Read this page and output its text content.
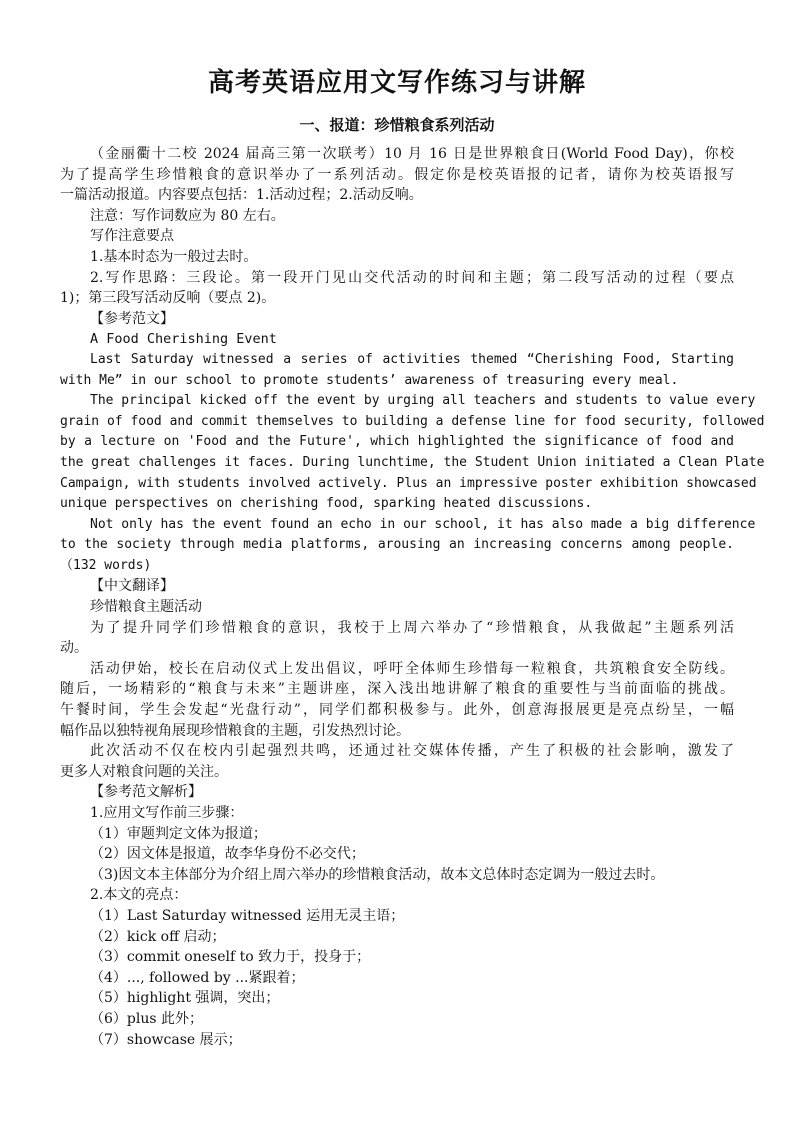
高考英语应用文写作练习与讲解
一、报道：珍惜粮食系列活动
（金丽衢十二校 2024 届高三第一次联考）10 月 16 日是世界粮食日(World Food Day)，你校
为了提高学生珍惜粮食的意识举办了一系列活动。假定你是校英语报的记者，请你为校英语报写
一篇活动报道。内容要点包括：1.活动过程；2.活动反响。
注意：写作词数应为 80 左右。
写作注意要点
1.基本时态为一般过去时。
2.写作思路：三段论。第一段开门见山交代活动的时间和主题；第二段写活动的过程（要点
1)；第三段写活动反响（要点 2)。
【参考范文】
A Food Cherishing Event
Last Saturday witnessed a series of activities themed “Cherishing Food, Starting
with Me” in our school to promote students’ awareness of treasuring every meal.
The principal kicked off the event by urging all teachers and students to value every
grain of food and commit themselves to building a defense line for food security, followed
by a lecture on 'Food and the Future', which highlighted the significance of food and
the great challenges it faces. During lunchtime, the Student Union initiated a Clean Plate
Campaign, with students involved actively. Plus an impressive poster exhibition showcased
unique perspectives on cherishing food, sparking heated discussions.
Not only has the event found an echo in our school, it has also made a big difference
to the society through media platforms, arousing an increasing concerns among people.
（132 words)
【中文翻译】
珍惜粮食主题活动
为了提升同学们珍惜粮食的意识，我校于上周六举办了“珍惜粮食，从我做起”主题系列活
动。
活动伊始，校长在启动仪式上发出倡议，呼吁全体师生珍惜每一粒粮食，共筑粮食安全防线。
随后，一场精彩的“粮食与未来”主题讲座，深入浅出地讲解了粮食的重要性与当前面临的挑战。
午餐时间，学生会发起“光盘行动”，同学们都积极参与。此外，创意海报展更是亮点纷呈，一幅
幅作品以独特视角展现珍惜粮食的主题，引发热烈讨论。
此次活动不仅在校内引起强烈共鸣，还通过社交媒体传播，产生了积极的社会影响，激发了
更多人对粮食问题的关注。
【参考范文解析】
1.应用文写作前三步骤：
（1）审题判定文体为报道；
（2）因文体是报道，故李华身份不必交代；
（3)因文本主体部分为介绍上周六举办的珍惜粮食活动，故本文总体时态定调为一般过去时。
2.本文的亮点：
（1）Last Saturday witnessed 运用无灵主语；
（2）kick off 启动；
（3）commit oneself to 致力于，投身于；
（4）..., followed by ...紧跟着；
（5）highlight 强调，突出；
（6）plus 此外；
（7）showcase 展示；
